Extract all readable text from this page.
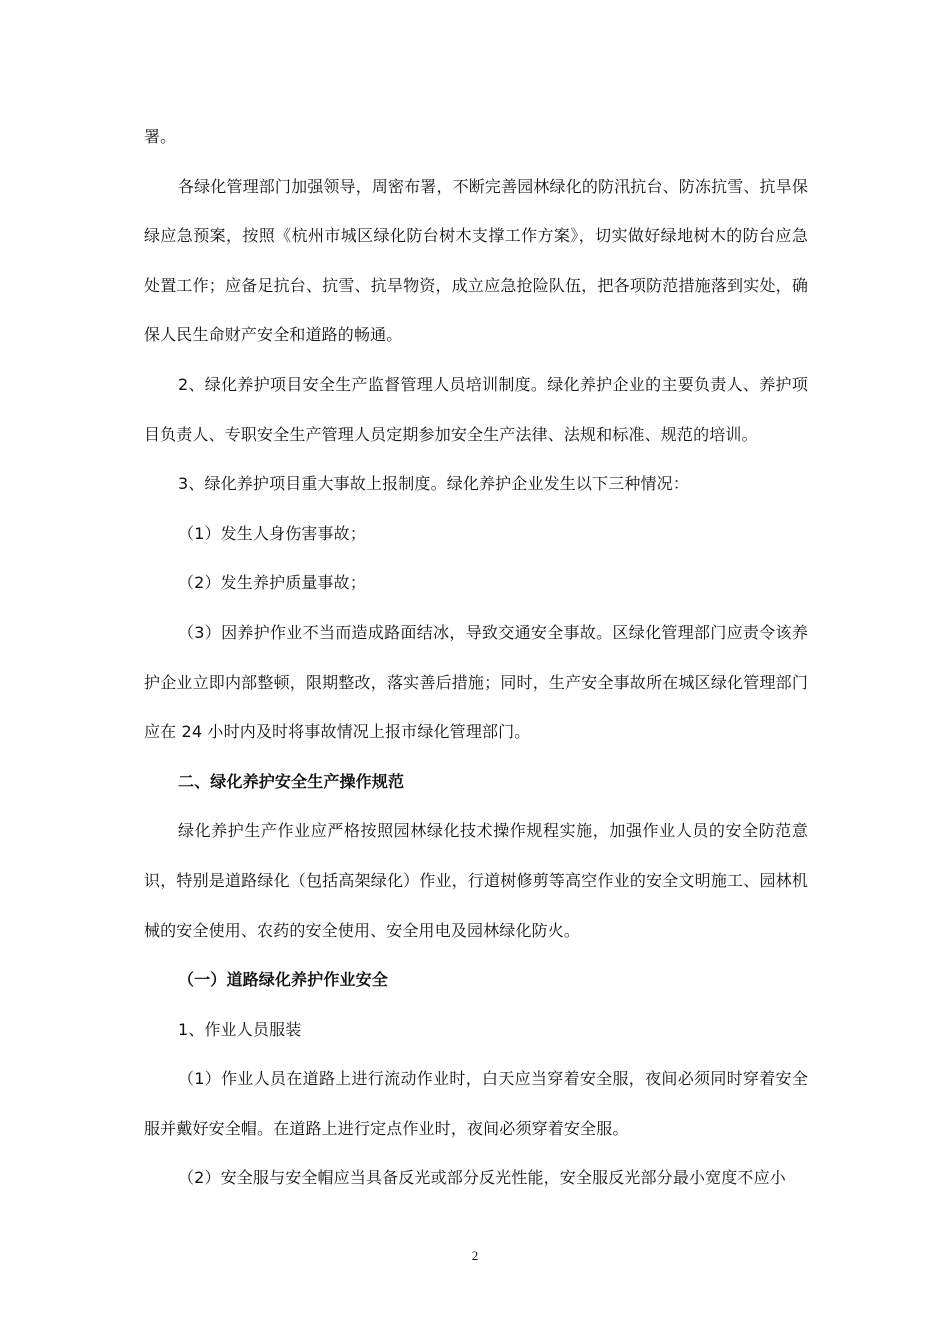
署。

各绿化管理部门加强领导，周密布署，不断完善园林绿化的防汛抗台、防冻抗雪、抗旱保绿应急预案，按照《杭州市城区绿化防台树木支撑工作方案》，切实做好绿地树木的防台应急处置工作；应备足抗台、抗雪、抗旱物资，成立应急抢险队伍，把各项防范措施落到实处，确保人民生命财产安全和道路的畅通。

2、绿化养护项目安全生产监督管理人员培训制度。绿化养护企业的主要负责人、养护项目负责人、专职安全生产管理人员定期参加安全生产法律、法规和标准、规范的培训。

3、绿化养护项目重大事故上报制度。绿化养护企业发生以下三种情况：

（1）发生人身伤害事故；

（2）发生养护质量事故；

（3）因养护作业不当而造成路面结冰，导致交通安全事故。区绿化管理部门应责令该养护企业立即内部整顿，限期整改，落实善后措施；同时，生产安全事故所在城区绿化管理部门应在 24 小时内及时将事故情况上报市绿化管理部门。

二、绿化养护安全生产操作规范

绿化养护生产作业应严格按照园林绿化技术操作规程实施，加强作业人员的安全防范意识，特别是道路绿化（包括高架绿化）作业，行道树修剪等高空作业的安全文明施工、园林机械的安全使用、农药的安全使用、安全用电及园林绿化防火。

（一）道路绿化养护作业安全

1、作业人员服装

（1）作业人员在道路上进行流动作业时，白天应当穿着安全服，夜间必须同时穿着安全服并戴好安全帽。在道路上进行定点作业时，夜间必须穿着安全服。

（2）安全服与安全帽应当具备反光或部分反光性能，安全服反光部分最小宽度不应小

2
